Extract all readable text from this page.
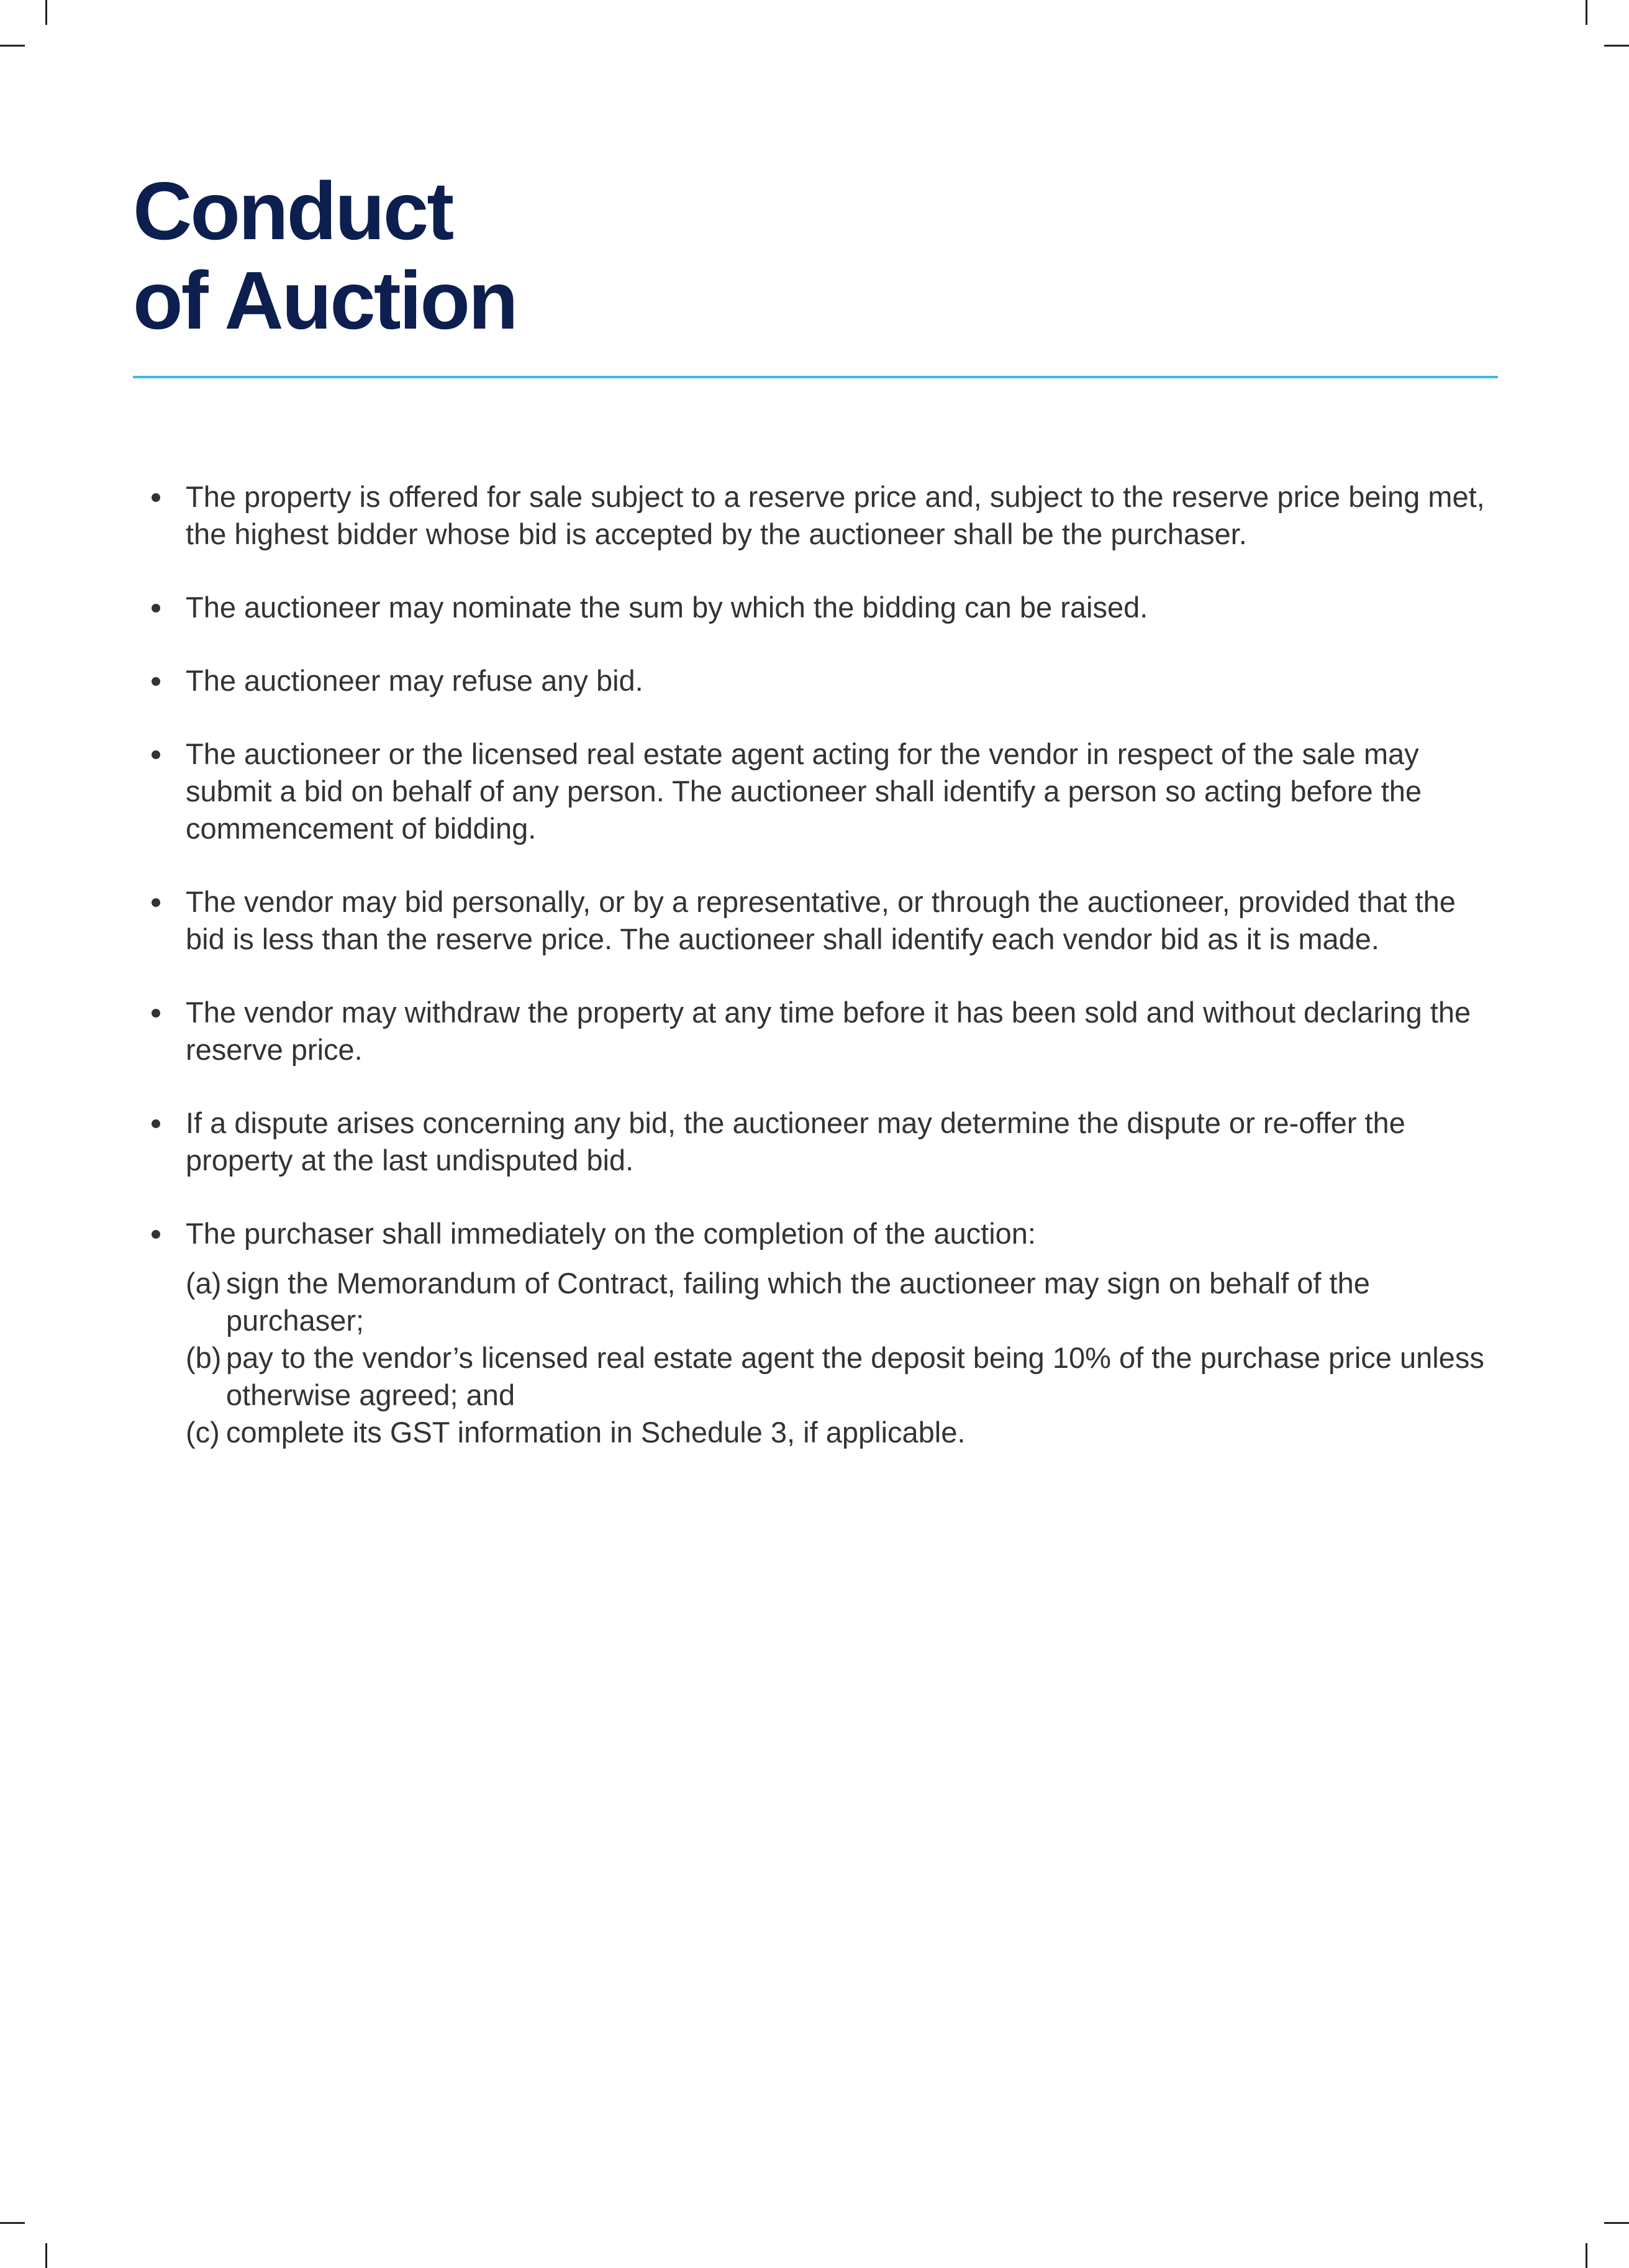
Conduct
of Auction
The property is offered for sale subject to a reserve price and, subject to the reserve price being met, the highest bidder whose bid is accepted by the auctioneer shall be the purchaser.
The auctioneer may nominate the sum by which the bidding can be raised.
The auctioneer may refuse any bid.
The auctioneer or the licensed real estate agent acting for the vendor in respect of the sale may submit a bid on behalf of any person. The auctioneer shall identify a person so acting before the commencement of bidding.
The vendor may bid personally, or by a representative, or through the auctioneer, provided that the bid is less than the reserve price. The auctioneer shall identify each vendor bid as it is made.
The vendor may withdraw the property at any time before it has been sold and without declaring the reserve price.
If a dispute arises concerning any bid, the auctioneer may determine the dispute or re-offer the property at the last undisputed bid.
The purchaser shall immediately on the completion of the auction:
(a) sign the Memorandum of Contract, failing which the auctioneer may sign on behalf of the purchaser;
(b) pay to the vendor’s licensed real estate agent the deposit being 10% of the purchase price unless otherwise agreed; and
(c) complete its GST information in Schedule 3, if applicable.
